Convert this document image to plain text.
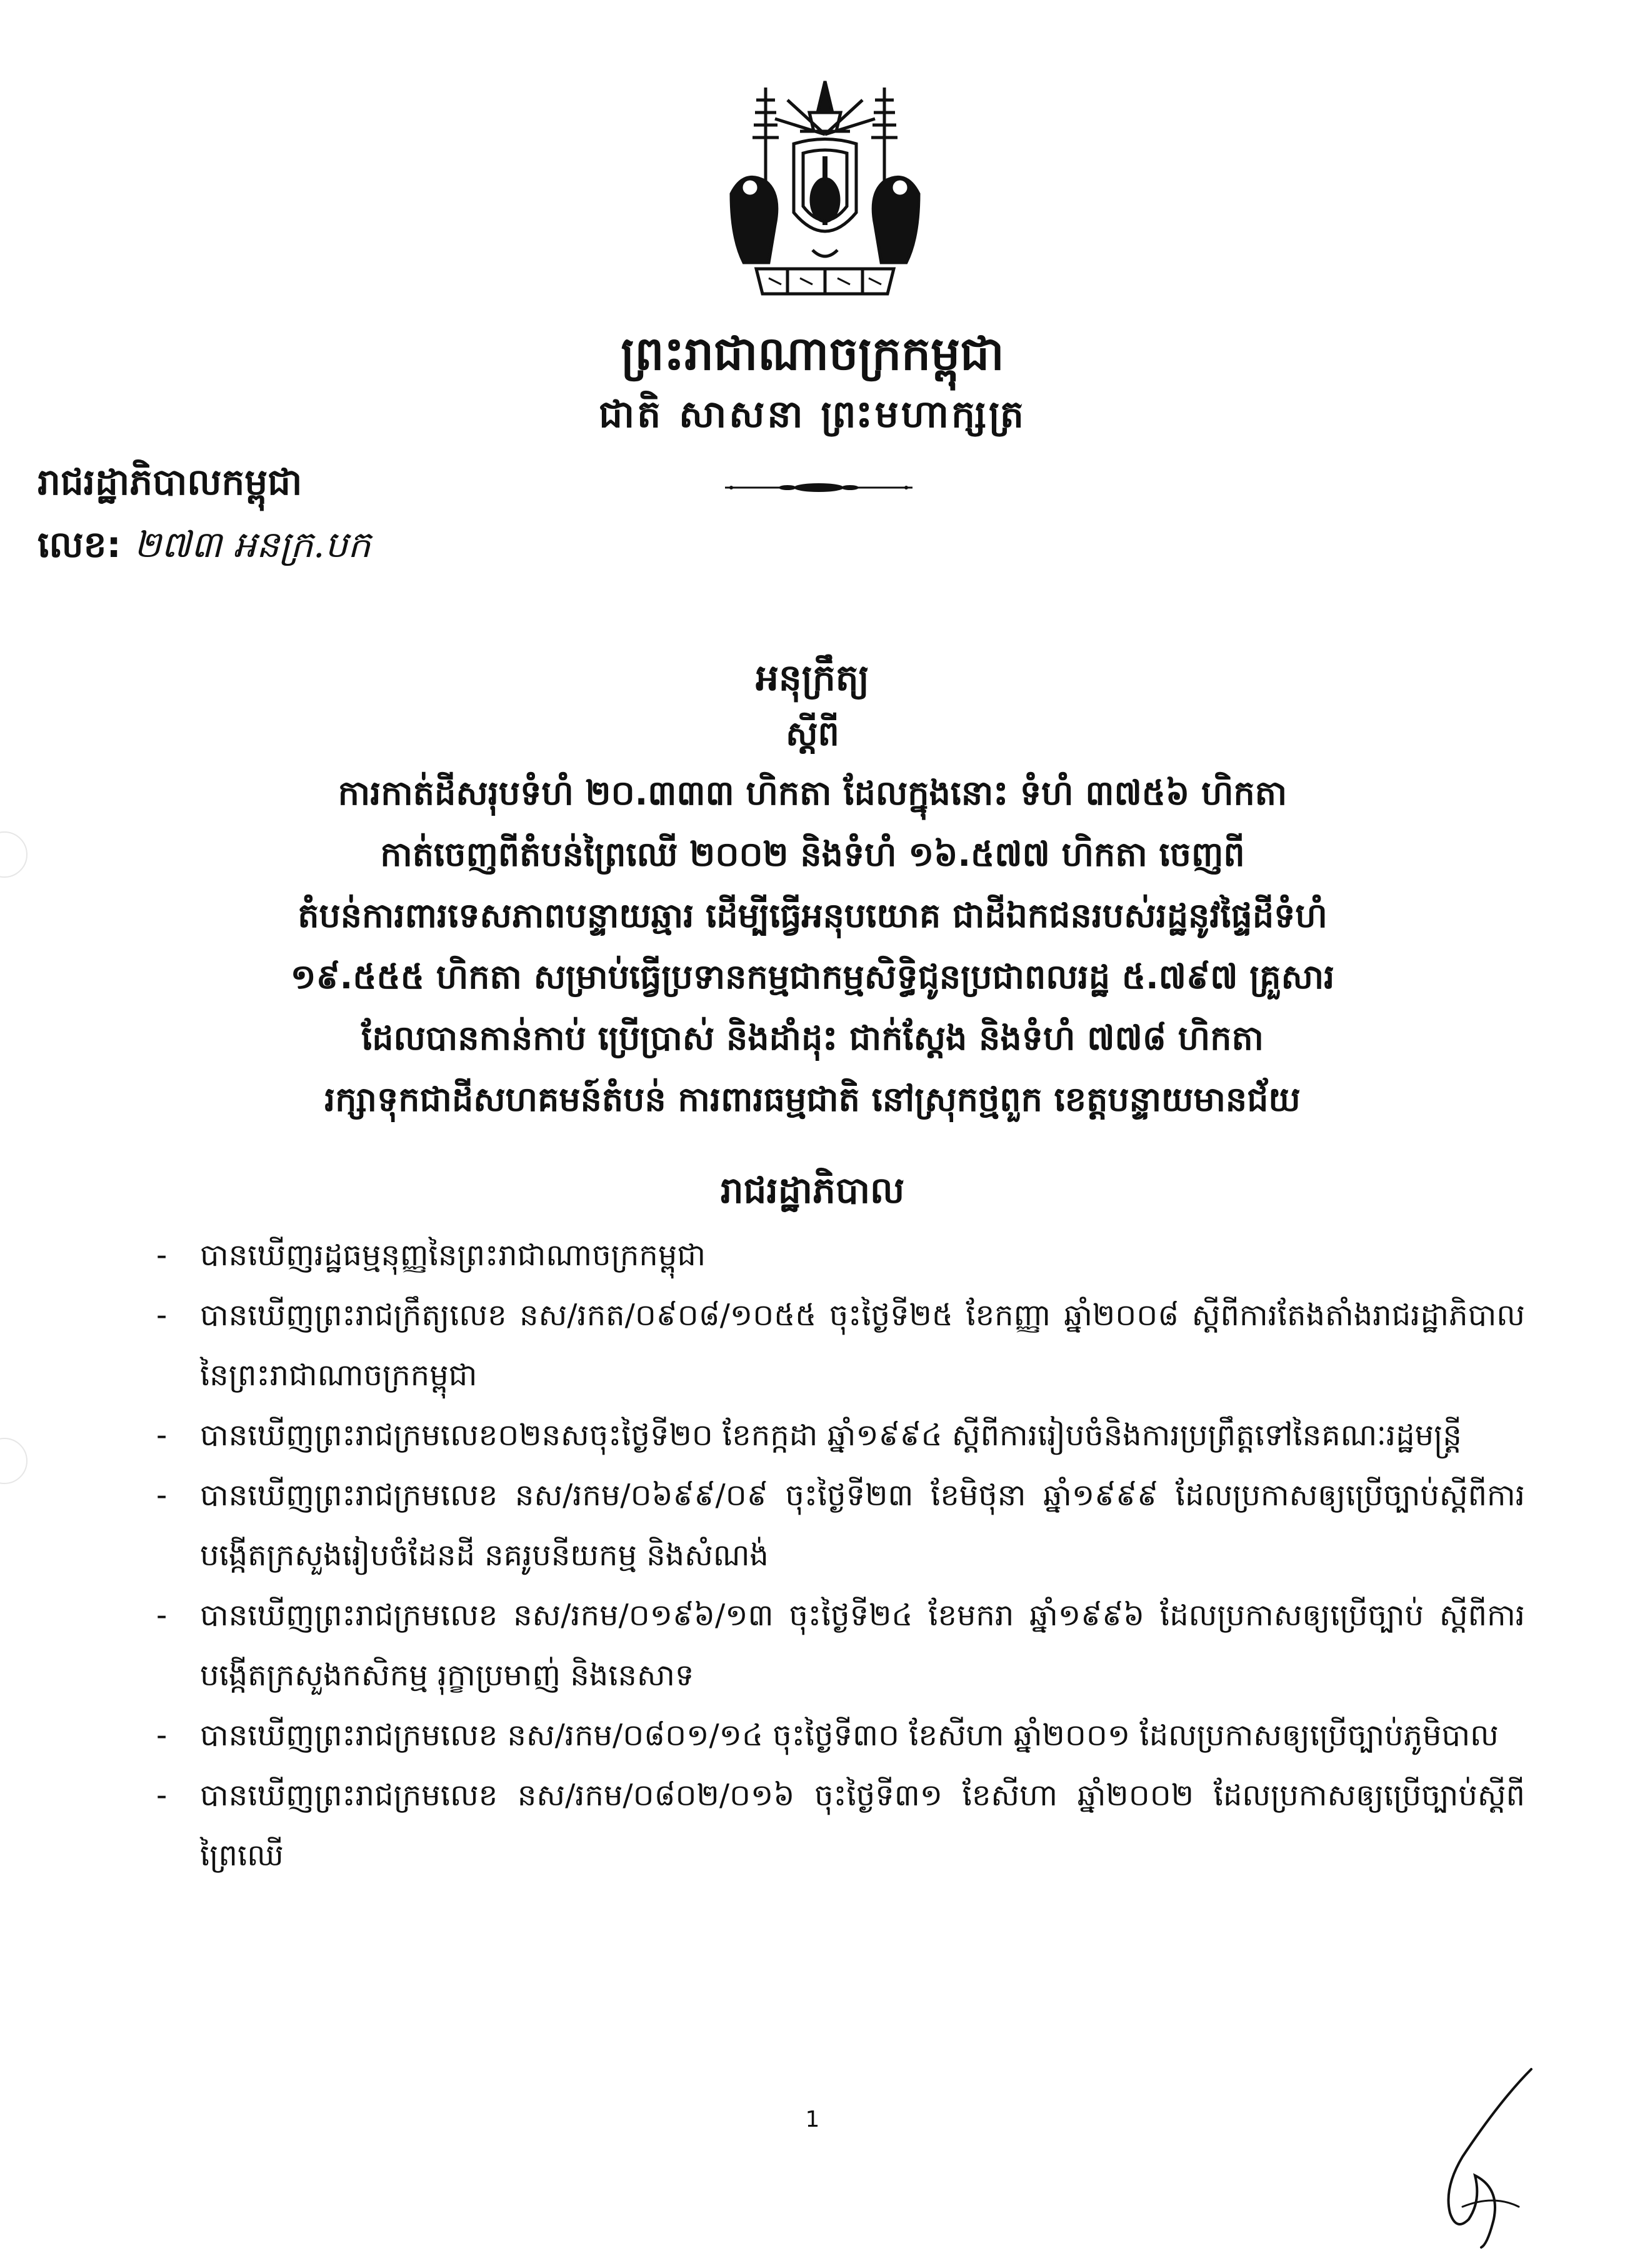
ព្រះរាជាណាចក្រកម្ពុជា
ជាតិ សាសនា ព្រះមហាក្សត្រ
រាជរដ្ឋាភិបាលកម្ពុជា
លេខ: ២៧៣ អនក្រ.បក
អនុក្រឹត្យ
ស្តីពី
ការកាត់ដីសរុបទំហំ ២០.៣៣៣ ហិកតា ដែលក្នុងនោះ ទំហំ ៣៧៥៦ ហិកតា
កាត់ចេញពីតំបន់ព្រៃឈើ ២០០២ និងទំហំ ១៦.៥៧៧ ហិកតា ចេញពី
តំបន់ការពារទេសភាពបន្ទាយឆ្មារ ដើម្បីធ្វើអនុបយោគ ជាដីឯកជនរបស់រដ្ឋនូវផ្ទៃដីទំហំ
១៩.៥៥៥ ហិកតា សម្រាប់ធ្វើប្រទានកម្មជាកម្មសិទ្ធិជូនប្រជាពលរដ្ឋ ៥.៧៩៧ គ្រួសារ
ដែលបានកាន់កាប់ ប្រើប្រាស់ និងដាំដុះ ជាក់ស្តែង និងទំហំ ៧៧៨ ហិកតា
រក្សាទុកជាដីសហគមន៍តំបន់ ការពារធម្មជាតិ នៅស្រុកថ្មពួក ខេត្តបន្ទាយមានជ័យ
រាជរដ្ឋាភិបាល
- បានឃើញរដ្ឋធម្មនុញ្ញនៃព្រះរាជាណាចក្រកម្ពុជា
- បានឃើញព្រះរាជក្រឹត្យលេខ នស/រកត/០៩០៨/១០៥៥ ចុះថ្ងៃទី២៥ ខែកញ្ញា ឆ្នាំ២០០៨ ស្តីពីការតែងតាំងរាជរដ្ឋាភិបាលនៃព្រះរាជាណាចក្រកម្ពុជា
- បានឃើញព្រះរាជក្រមលេខ០២នសចុះថ្ងៃទី២០ ខែកក្កដា ឆ្នាំ១៩៩៤ ស្តីពីការរៀបចំនិងការប្រព្រឹត្តទៅនៃគណៈរដ្ឋមន្ត្រី
- បានឃើញព្រះរាជក្រមលេខ នស/រកម/០៦៩៩/០៩ ចុះថ្ងៃទី២៣ ខែមិថុនា ឆ្នាំ១៩៩៩ ដែលប្រកាសឲ្យប្រើច្បាប់ស្តីពីការបង្កើតក្រសួងរៀបចំដែនដី នគរូបនីយកម្ម និងសំណង់
- បានឃើញព្រះរាជក្រមលេខ នស/រកម/០១៩៦/១៣ ចុះថ្ងៃទី២៤ ខែមករា ឆ្នាំ១៩៩៦ ដែលប្រកាសឲ្យប្រើច្បាប់ ស្តីពីការបង្កើតក្រសួងកសិកម្ម រុក្ខាប្រមាញ់ និងនេសាទ
- បានឃើញព្រះរាជក្រមលេខ នស/រកម/០៨០១/១៤ ចុះថ្ងៃទី៣០ ខែសីហា ឆ្នាំ២០០១ ដែលប្រកាសឲ្យប្រើច្បាប់ភូមិបាល
- បានឃើញព្រះរាជក្រមលេខ នស/រកម/០៨០២/០១៦ ចុះថ្ងៃទី៣១ ខែសីហា ឆ្នាំ២០០២ ដែលប្រកាសឲ្យប្រើច្បាប់ស្តីពីព្រៃឈើ
1
